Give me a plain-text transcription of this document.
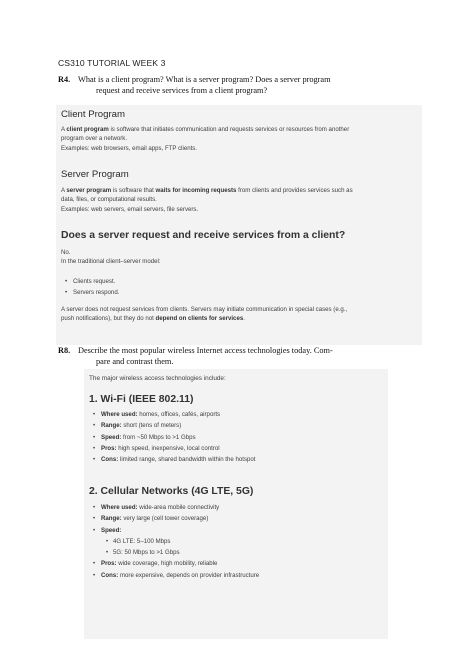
CS310 TUTORIAL WEEK 3
R4. What is a client program? What is a server program? Does a server program
request and receive services from a client program?
Client Program
A client program is software that initiates communication and requests services or resources from another
program over a network.
Examples: web browsers, email apps, FTP clients.
Server Program
A server program is software that waits for incoming requests from clients and provides services such as
data, files, or computational results.
Examples: web servers, email servers, file servers.
Does a server request and receive services from a client?
No.
In the traditional client–server model:
• Clients request.
• Servers respond.
A server does not request services from clients. Servers may initiate communication in special cases (e.g.,
push notifications), but they do not depend on clients for services.
R8. Describe the most popular wireless Internet access technologies today. Com-
pare and contrast them.
The major wireless access technologies include:
1. Wi-Fi (IEEE 802.11)
• Where used: homes, offices, cafés, airports
• Range: short (tens of meters)
• Speed: from ~50 Mbps to >1 Gbps
• Pros: high speed, inexpensive, local control
• Cons: limited range, shared bandwidth within the hotspot
2. Cellular Networks (4G LTE, 5G)
• Where used: wide-area mobile connectivity
• Range: very large (cell tower coverage)
• Speed:
• 4G LTE: 5–100 Mbps
• 5G: 50 Mbps to >1 Gbps
• Pros: wide coverage, high mobility, reliable
• Cons: more expensive, depends on provider infrastructure
